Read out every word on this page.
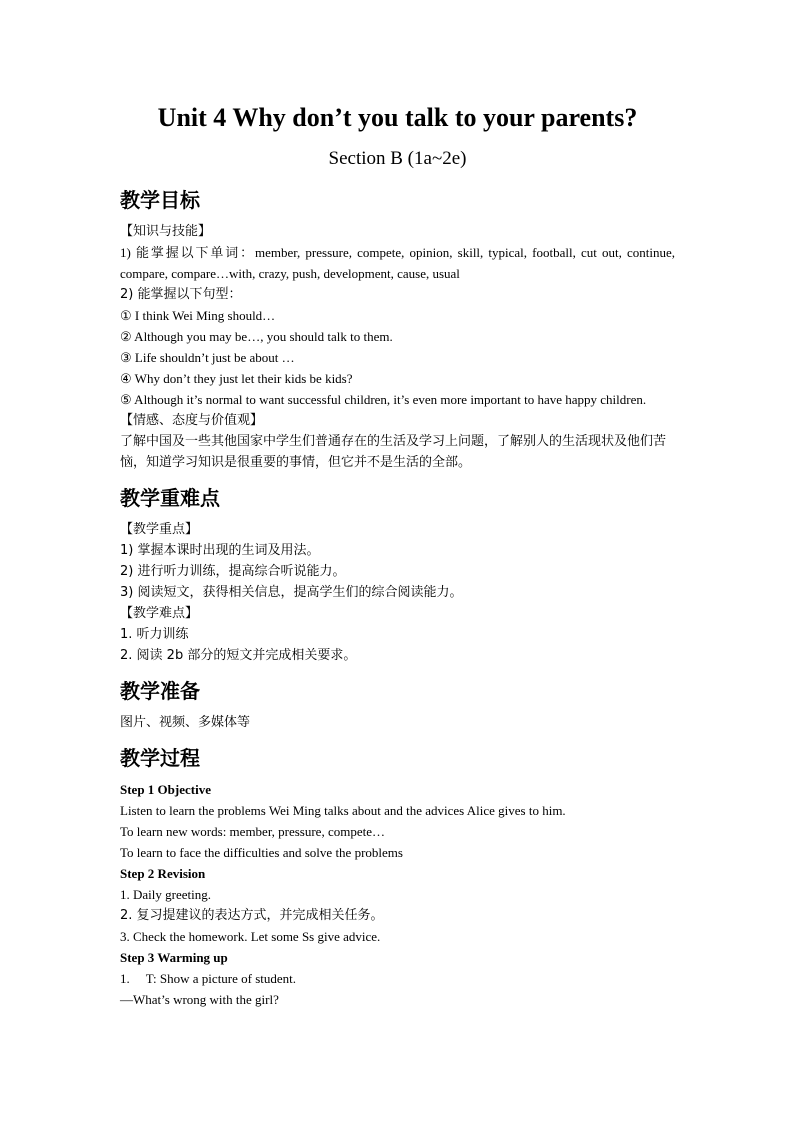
Unit 4 Why don’t you talk to your parents?

Section B (1a~2e)

教学目标

【知识与技能】

1) 能掌握以下单词：member, pressure, compete, opinion, skill, typical, football, cut out, continue, compare, compare…with, crazy, push, development, cause, usual

2) 能掌握以下句型：

① I think Wei Ming should…
② Although you may be…, you should talk to them.
③ Life shouldn’t just be about …
④ Why don’t they just let their kids be kids?
⑤ Although it’s normal to want successful children, it’s even more important to have happy children.

【情感、态度与价值观】

了解中国及一些其他国家中学生们普通存在的生活及学习上问题，了解别人的生活现状及他们苦恼，知道学习知识是很重要的事情，但它并不是生活的全部。

教学重难点

【教学重点】

1) 掌握本课时出现的生词及用法。

2) 进行听力训练，提高综合听说能力。

3) 阅读短文，获得相关信息，提高学生们的综合阅读能力。

【教学难点】

1. 听力训练

2. 阅读 2b 部分的短文并完成相关要求。

教学准备

图片、视频、多媒体等

教学过程

Step 1 Objective

Listen to learn the problems Wei Ming talks about and the advices Alice gives to him.

To learn new words: member, pressure, compete…

To learn to face the difficulties and solve the problems

Step 2 Revision

1. Daily greeting.

2. 复习提建议的表达方式，并完成相关任务。

3. Check the homework. Let some Ss give advice.

Step 3 Warming up

1.     T: Show a picture of student.

—What’s wrong with the girl?
